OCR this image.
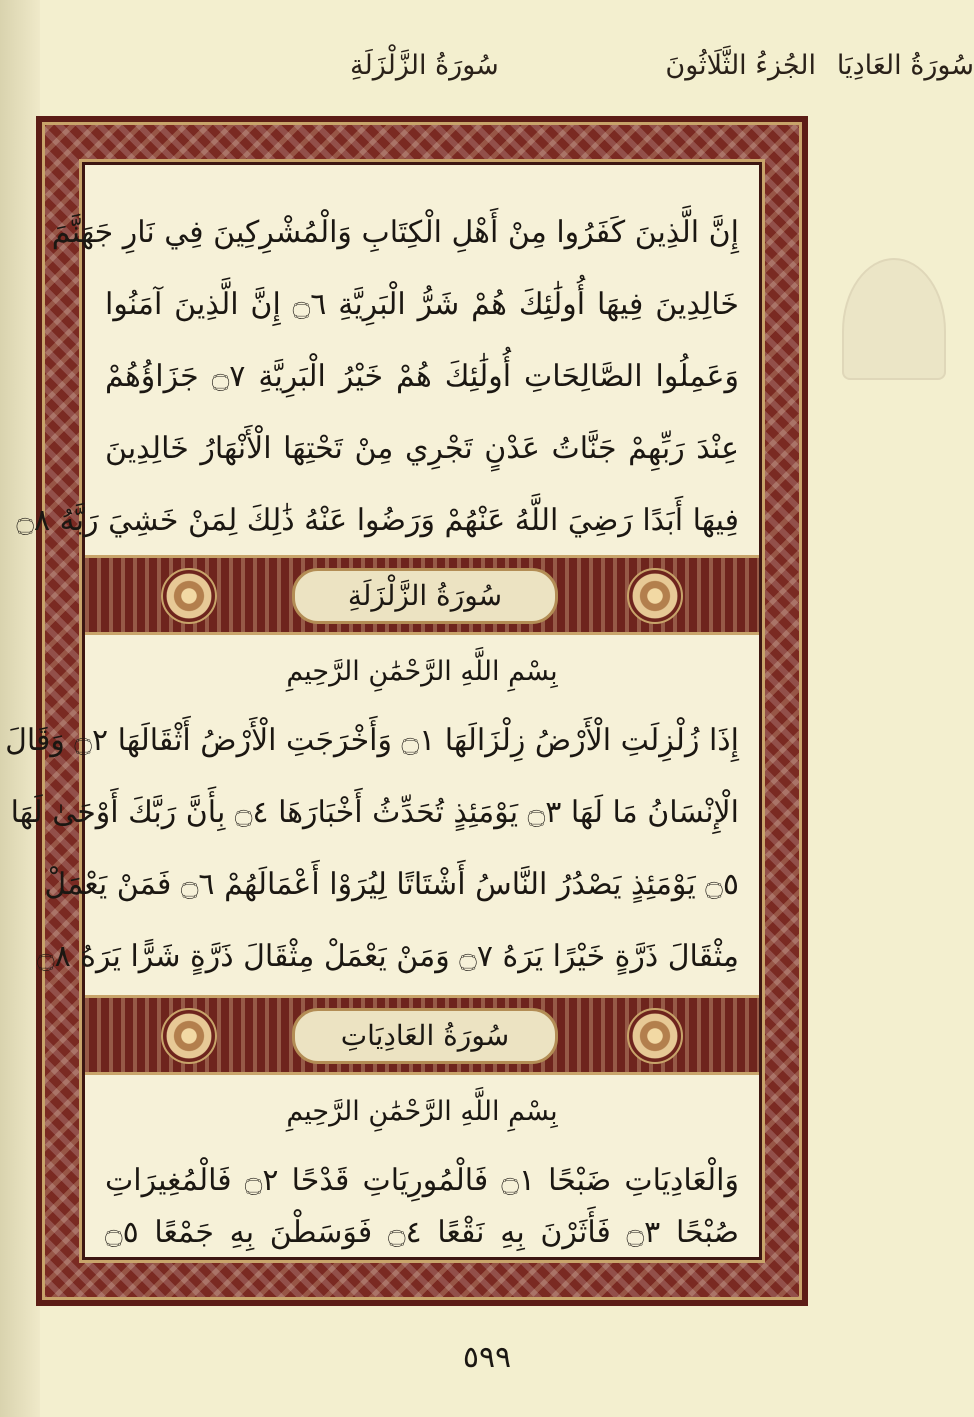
الجُزءُ الثَّلَاثُونَ
سُورَةُ الزَّلْزَلَةِ	سُورَةُ العَادِيَا
إِنَّ الَّذِينَ كَفَرُوا مِنْ أَهْلِ الْكِتَابِ وَالْمُشْرِكِينَ فِي نَارِ جَهَنَّمَ
خَالِدِينَ فِيهَا أُولَٰئِكَ هُمْ شَرُّ الْبَرِيَّةِ ۝٦ إِنَّ الَّذِينَ آمَنُوا
وَعَمِلُوا الصَّالِحَاتِ أُولَٰئِكَ هُمْ خَيْرُ الْبَرِيَّةِ ۝٧ جَزَاؤُهُمْ
عِنْدَ رَبِّهِمْ جَنَّاتُ عَدْنٍ تَجْرِي مِنْ تَحْتِهَا الْأَنْهَارُ خَالِدِينَ
فِيهَا أَبَدًا رَضِيَ اللَّهُ عَنْهُمْ وَرَضُوا عَنْهُ ذَٰلِكَ لِمَنْ خَشِيَ رَبَّهُ ۝٨
سُورَةُ الزَّلْزَلَةِ
بِسْمِ اللَّهِ الرَّحْمَٰنِ الرَّحِيمِ
إِذَا زُلْزِلَتِ الْأَرْضُ زِلْزَالَهَا ۝١ وَأَخْرَجَتِ الْأَرْضُ أَثْقَالَهَا ۝٢ وَقَالَ
الْإِنْسَانُ مَا لَهَا ۝٣ يَوْمَئِذٍ تُحَدِّثُ أَخْبَارَهَا ۝٤ بِأَنَّ رَبَّكَ أَوْحَىٰ لَهَا
۝٥ يَوْمَئِذٍ يَصْدُرُ النَّاسُ أَشْتَاتًا لِيُرَوْا أَعْمَالَهُمْ ۝٦ فَمَنْ يَعْمَلْ
مِثْقَالَ ذَرَّةٍ خَيْرًا يَرَهُ ۝٧ وَمَنْ يَعْمَلْ مِثْقَالَ ذَرَّةٍ شَرًّا يَرَهُ ۝٨
سُورَةُ العَادِيَاتِ
بِسْمِ اللَّهِ الرَّحْمَٰنِ الرَّحِيمِ
وَالْعَادِيَاتِ ضَبْحًا ۝١ فَالْمُورِيَاتِ قَدْحًا ۝٢ فَالْمُغِيرَاتِ
صُبْحًا ۝٣ فَأَثَرْنَ بِهِ نَقْعًا ۝٤ فَوَسَطْنَ بِهِ جَمْعًا ۝٥
٥٩٩
